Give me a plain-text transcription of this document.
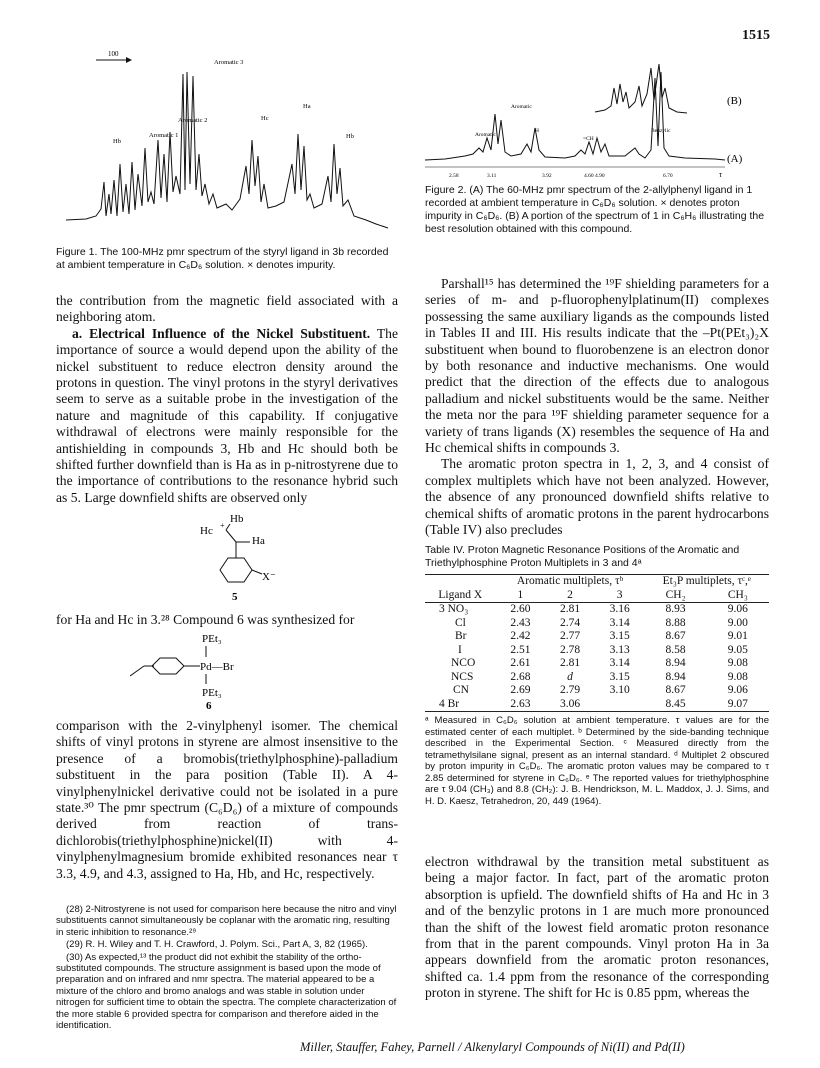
1515
100
Aromatic 3
Aromatic 2
Aromatic 1
Hb
Hc
Ha
Hb
Figure 1. The 100-MHz pmr spectrum of the styryl ligand in 3b recorded at ambient temperature in C₆D₆ solution. × denotes impurity.
(B)
(A)
Aromatic
Benzylic
Aromatic
H
=CH
2.58	3.11	3.92	4.60 4.90	6.70	τ
Figure 2. (A) The 60-MHz pmr spectrum of the 2-allylphenyl ligand in 1 recorded at ambient temperature in C₆D₆ solution. × denotes proton impurity in C₆D₆. (B) A portion of the spectrum of 1 in C₆H₆ illustrating the best resolution obtained with this compound.

the contribution from the magnetic field associated with a neighboring atom.

a. Electrical Influence of the Nickel Substituent. The importance of source a would depend upon the ability of the nickel substituent to reduce electron density around the protons in question. The vinyl protons in the styryl derivatives seem to serve as a suitable probe in the investigation of the nature and magnitude of this capability. If conjugative withdrawal of electrons were mainly responsible for the antishielding in compounds 3, Hb and Hc should both be shifted further downfield than is Ha as in p-nitrostyrene due to the importance of contributions to the resonance hybrid such as 5. Large downfield shifts are observed only

Hb
Hc +
Ha
X⁻
5
for Ha and Hc in 3.²⁸ Compound 6 was synthesized for
PEt₃
Pd—Br
PEt₃
6
comparison with the 2-vinylphenyl isomer. The chemical shifts of vinyl protons in styrene are almost insensitive to the presence of a bromobis(triethylphosphine)-palladium substituent in the para position (Table II). A 4-vinylphenylnickel derivative could not be isolated in a pure state.³⁰ The pmr spectrum (C₆D₆) of a mixture of compounds derived from reaction of trans-dichlorobis(triethylphosphine)nickel(II) with 4-vinylphenylmagnesium bromide exhibited resonances near τ 3.3, 4.9, and 4.3, assigned to Ha, Hb, and Hc, respectively.

(28) 2-Nitrostyrene is not used for comparison here because the nitro and vinyl substituents cannot simultaneously be coplanar with the aromatic ring, resulting in steric inhibition to resonance.²⁹

(29) R. H. Wiley and T. H. Crawford, J. Polym. Sci., Part A, 3, 82 (1965).

(30) As expected,¹³ the product did not exhibit the stability of the ortho-substituted compounds. The structure assignment is based upon the mode of preparation and on infrared and nmr spectra. The material appeared to be a mixture of the chloro and bromo analogs and was stable in solution under nitrogen for sufficient time to obtain the spectra. The complete characterization of the more stable 6 provided spectra for comparison and therefore aided in the identification.

Parshall¹⁵ has determined the ¹⁹F shielding parameters for a series of m- and p-fluorophenylplatinum(II) complexes possessing the same auxiliary ligands as the compounds listed in Tables II and III. His results indicate that the –Pt(PEt₃)₂X substituent when bound to fluorobenzene is an electron donor by both resonance and inductive mechanisms. One would predict that the direction of the effects due to analogous palladium and nickel substituents would be the same. Neither the meta nor the para ¹⁹F shielding parameter sequence for a variety of trans ligands (X) resembles the sequence of Ha and Hc chemical shifts in compounds 3.

The aromatic proton spectra in 1, 2, 3, and 4 consist of complex multiplets which have not been analyzed. However, the absence of any pronounced downfield shifts relative to chemical shifts of aromatic protons in the parent hydrocarbons (Table IV) also precludes

Table IV. Proton Magnetic Resonance Positions of the Aromatic and Triethylphosphine Proton Multiplets in 3 and 4ᵃ
	Aromatic multiplets, τᵇ			Et₃P multiplets, τᶜ,ᵉ	
Ligand X	1	2	3	CH₂	CH₃
3 NO₃	2.60	2.81	3.16	8.93	9.06
Cl	2.43	2.74	3.14	8.88	9.00
Br	2.42	2.77	3.15	8.67	9.01
I	2.51	2.78	3.13	8.58	9.05
NCO	2.61	2.81	3.14	8.94	9.08
NCS	2.68	d	3.15	8.94	9.08
CN	2.69	2.79	3.10	8.67	9.06
4 Br	2.63	3.06		8.45	9.07
ᵃ Measured in C₆D₆ solution at ambient temperature. τ values are for the estimated center of each multiplet. ᵇ Determined by the side-banding technique described in the Experimental Section. ᶜ Measured directly from the tetramethylsilane signal, present as an internal standard. ᵈ Multiplet 2 obscured by proton impurity in C₆D₆. The aromatic proton values may be compared to τ 2.85 determined for styrene in C₆D₆. ᵉ The reported values for triethylphosphine are τ 9.04 (CH₃) and 8.8 (CH₂): J. B. Hendrickson, M. L. Maddox, J. J. Sims, and H. D. Kaesz, Tetrahedron, 20, 449 (1964).
electron withdrawal by the transition metal substituent as being a major factor. In fact, part of the aromatic proton absorption is upfield. The downfield shifts of Ha and Hc in 3 and of the benzylic protons in 1 are much more pronounced than the shift of the lowest field aromatic proton resonance from that in the parent compounds. Vinyl proton Ha in 3a appears downfield from the aromatic proton resonances, shifted ca. 1.4 ppm from the resonance of the corresponding proton in styrene. The shift for Hc is 0.85 ppm, whereas the
Miller, Stauffer, Fahey, Parnell / Alkenylaryl Compounds of Ni(II) and Pd(II)
